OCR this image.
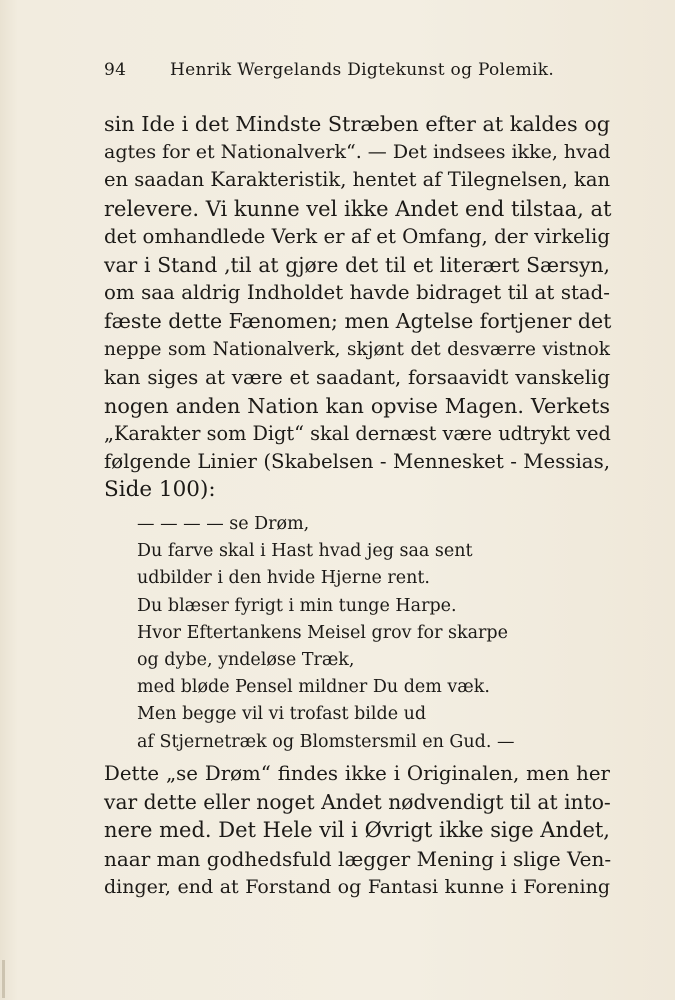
94	Henrik Wergelands Digtekunst og Polemik.
sin Ide i det Mindste Stræben efter at kaldes og
agtes for et Nationalverk“. — Det indsees ikke, hvad
en saadan Karakteristik, hentet af Tilegnelsen, kan
relevere. Vi kunne vel ikke Andet end tilstaa, at
det omhandlede Verk er af et Omfang, der virkelig
var i Stand ‚til at gjøre det til et literært Særsyn,
om saa aldrig Indholdet havde bidraget til at stad-
fæste dette Fænomen; men Agtelse fortjener det
neppe som Nationalverk, skjønt det desværre vistnok
kan siges at være et saadant, forsaavidt vanskelig
nogen anden Nation kan opvise Magen. Verkets
„Karakter som Digt“ skal dernæst være udtrykt ved
følgende Linier (Skabelsen - Mennesket - Messias,
Side 100):
— — — — se Drøm,
Du farve skal i Hast hvad jeg saa sent
udbilder i den hvide Hjerne rent.
Du blæser fyrigt i min tunge Harpe.
Hvor Eftertankens Meisel grov for skarpe
og dybe, yndeløse Træk,
med bløde Pensel mildner Du dem væk.
Men begge vil vi trofast bilde ud
af Stjernetræk og Blomstersmil en Gud. —
Dette „se Drøm“ findes ikke i Originalen, men her
var dette eller noget Andet nødvendigt til at into-
nere med. Det Hele vil i Øvrigt ikke sige Andet,
naar man godhedsfuld lægger Mening i slige Ven-
dinger, end at Forstand og Fantasi kunne i Forening
